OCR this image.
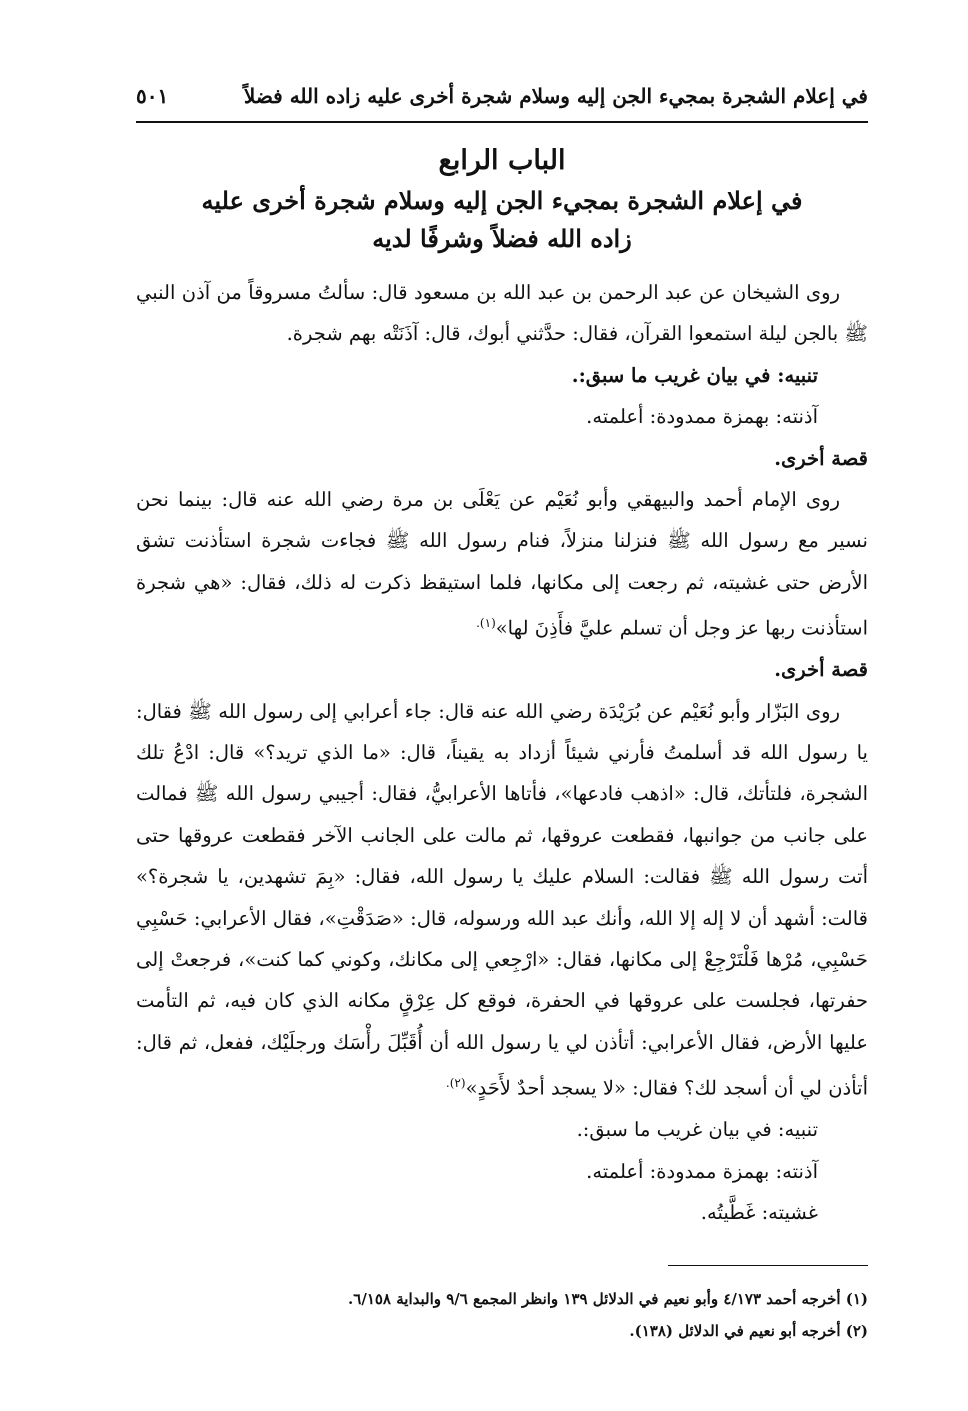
في إعلام الشجرة بمجيء الجن إليه وسلام شجرة أخرى عليه زاده الله فضلاً
٥٠١
الباب الرابع
في إعلام الشجرة بمجيء الجن إليه وسلام شجرة أخرى عليه
زاده الله فضلاً وشرفًا لديه

روى الشيخان عن عبد الرحمن بن عبد الله بن مسعود قال: سألتُ مسروقاً من آذن النبي ﷺ بالجن ليلة استمعوا القرآن، فقال: حدَّثني أبوك، قال: آذَنَتْه بهم شجرة.

تنبيه: في بيان غريب ما سبق:.

آذنته: بهمزة ممدودة: أعلمته.

قصة أخرى.

روى الإمام أحمد والبيهقي وأبو نُعَيْم عن يَعْلَى بن مرة رضي الله عنه قال: بينما نحن نسير مع رسول الله ﷺ فنزلنا منزلاً، فنام رسول الله ﷺ فجاءت شجرة استأذنت تشق الأرض حتى غشيته، ثم رجعت إلى مكانها، فلما استيقظ ذكرت له ذلك، فقال: «هي شجرة استأذنت ربها عز وجل أن تسلم عليَّ فأَذِنَ لها»$^{(١).}$

قصة أخرى.

روى البَزّار وأبو نُعَيْم عن بُرَيْدَة رضي الله عنه قال: جاء أعرابي إلى رسول الله ﷺ فقال: يا رسول الله قد أسلمتُ فأرني شيئاً أزداد به يقيناً، قال: «ما الذي تريد؟» قال: ادْعُ تلك الشجرة، فلتأتك، قال: «اذهب فادعها»، فأتاها الأعرابيُّ، فقال: أجيبي رسول الله ﷺ فمالت على جانب من جوانبها، فقطعت عروقها، ثم مالت على الجانب الآخر فقطعت عروقها حتى أتت رسول الله ﷺ فقالت: السلام عليك يا رسول الله، فقال: «بِمَ تشهدين، يا شجرة؟» قالت: أشهد أن لا إله إلا الله، وأنك عبد الله ورسوله، قال: «صَدَقْتِ»، فقال الأعرابي: حَسْبِي حَسْبِي، مُرْها فَلْتَرْجِعْ إلى مكانها، فقال: «ارْجِعي إلى مكانك، وكوني كما كنت»، فرجعتْ إلى حفرتها، فجلست على عروقها في الحفرة، فوقع كل عِرْقٍ مكانه الذي كان فيه، ثم التأمت عليها الأرض، فقال الأعرابي: أتأذن لي يا رسول الله أن أُقَبِّلَ رأْسَك ورجلَيْك، ففعل، ثم قال: أتأذن لي أن أسجد لك؟ فقال: «لا يسجد أحدٌ لأَحَدٍ»$^{(٢).}$

تنبيه: في بيان غريب ما سبق:.

آذنته: بهمزة ممدودة: أعلمته.

غشيته: غَطَّيتُه.

(١) أخرجه أحمد ٤/١٧٣ وأبو نعيم في الدلائل ١٣٩ وانظر المجمع ٩/٦ والبداية ٦/١٥٨.

(٢) أخرجه أبو نعيم في الدلائل (١٣٨).
